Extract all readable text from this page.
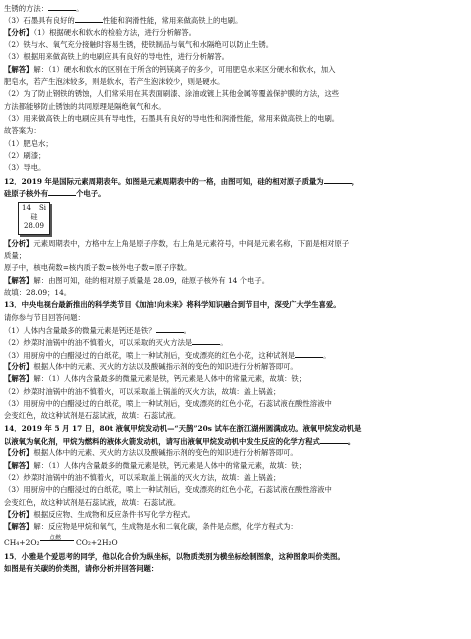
生锈的方法：	。
（3）石墨具有良好的	性能和润滑性能，常用来做高铁上的电刷。
【分析】（1）根据硬水和软水的检验方法，进行分析解答。
（2）铁与水、氧气充分接触时容易生锈，使铁制品与氧气和水隔绝可以防止生锈。
（3）根据用来做高铁上的电刷应具有良好的导电性，进行分析解答。
【解答】解：（1）硬水和软水的区别在于所含的钙镁离子的多少，可用肥皂水来区分硬水和软水，加入
肥皂水，若产生泡沫较多，则是软水，若产生泡沫较少，则是硬水。
（2）为了防止钢铁的锈蚀，人们常采用在其表面刷漆、涂油或镀上其他金属等覆盖保护膜的方法，这些
方法都能够防止锈蚀的共同原理是隔绝氧气和水。
（3）用来做高铁上的电刷应具有导电性，石墨具有良好的导电性和润滑性能，常用来做高铁上的电刷。
故答案为：
（1）肥皂水；
（2）刷漆；
（3）导电。
12．2019 年是国际元素周期表年。如图是元素周期表中的一格，由图可知，硅的相对原子质量为	，
硅原子核外有	个电子。
14 Si
硅
28.09
【分析】元素周期表中，方格中左上角是原子序数，右上角是元素符号，中间是元素名称，下面是相对原子
质量；
原子中，核电荷数=核内质子数=核外电子数=原子序数。
【解答】解：由图可知，硅的相对原子质量是 28.09，硅原子核外有 14 个电子。
故填：28.09；14。
13．中央电视台最新推出的科学类节目《加油!向未来》将科学知识融合到节目中，深受广大学生喜爱。
请你参与节目回答问题：
（1）人体内含量最多的微量元素是钙还是铁？	。
（2）炒菜时油锅中的油不慎着火，可以采取的灭火方法是	。
（3）用厨房中的白醋浸过的白纸花，喷上一种试剂后，变成漂亮的红色小花，这种试剂是	。
【分析】根据人体中的元素、灭火的方法以及酸碱指示剂的变色的知识进行分析解答即可。
【解答】解：（1）人体内含量最多的微量元素是铁，钙元素是人体中的常量元素，故填：铁；
（2）炒菜时油锅中的油不慎着火，可以采取盖上锅盖的灭火方法，故填：盖上锅盖；
（3）用厨房中的白醋浸过的白纸花，喷上一种试剂后，变成漂亮的红色小花，石蕊试液在酸性溶液中
会变红色，故这种试剂是石蕊试液，故填：石蕊试液。
14．2019 年 5 月 17 日，80t 液氧甲烷发动机—“天鹊”20s 试车在浙江湖州圆满成功。液氧甲烷发动机是
以液氧为氧化剂，甲烷为燃料的液体火箭发动机，请写出液氧甲烷发动机中发生反应的化学方程式	。
【分析】根据人体中的元素、灭火的方法以及酸碱指示剂的变色的知识进行分析解答即可。
【解答】解：（1）人体内含量最多的微量元素是铁，钙元素是人体中的常量元素，故填：铁；
（2）炒菜时油锅中的油不慎着火，可以采取盖上锅盖的灭火方法，故填：盖上锅盖；
（3）用厨房中的白醋浸过的白纸花，喷上一种试剂后，变成漂亮的红色小花，石蕊试液在酸性溶液中
会变红色，故这种试剂是石蕊试液，故填：石蕊试液。
【分析】根据反应物、生成物和反应条件书写化学方程式。
【解答】解：反应物是甲烷和氧气，生成物是水和二氧化碳，条件是点燃，化学方程式为：
CH₄+2O₂ 点燃 CO₂+2H₂O
15．小雅是个爱思考的同学，他以化合价为纵坐标，以物质类别为横坐标绘制图象，这种图象叫价类图。
如图是有关碳的价类图，请你分析并回答问题：
